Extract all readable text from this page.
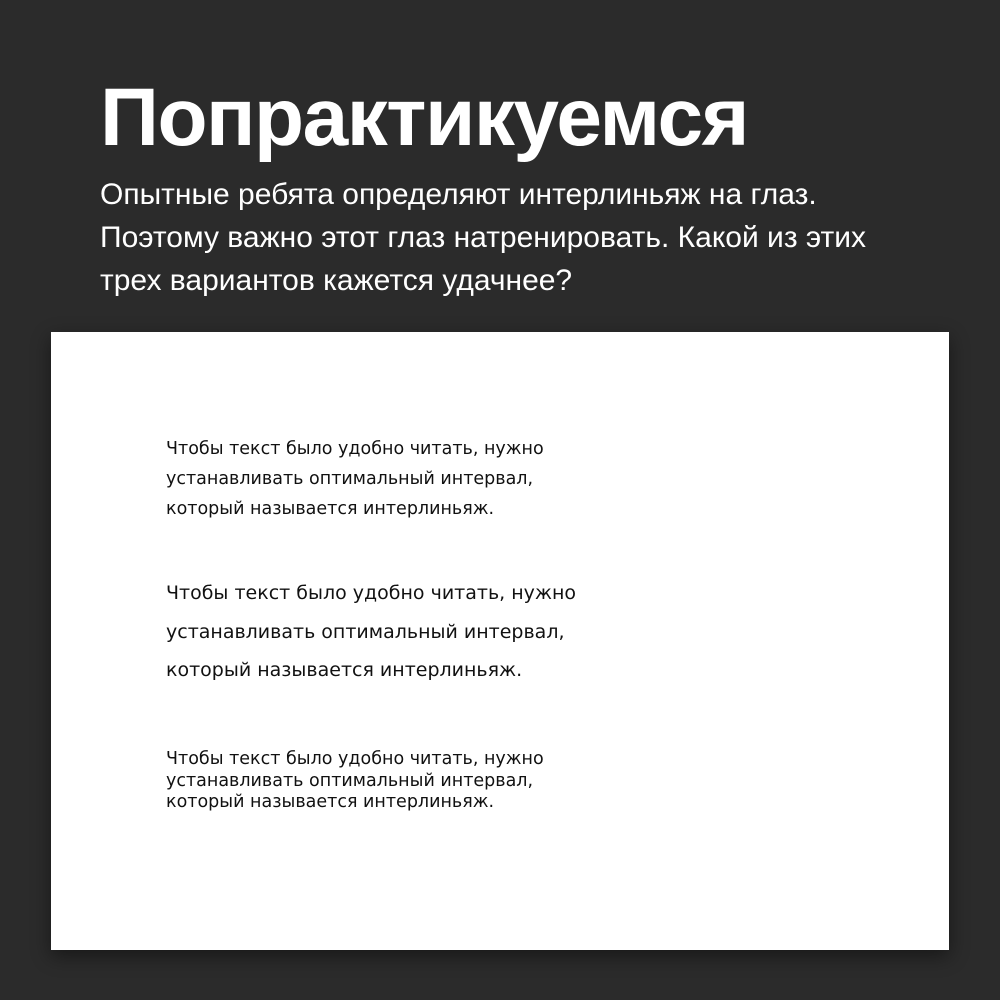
Попрактикуемся
Опытные ребята определяют интерлиньяж на глаз.
Поэтому важно этот глаз натренировать. Какой из этих
трех вариантов кажется удачнее?
Чтобы текст было удобно читать, нужно
устанавливать оптимальный интервал,
который называется интерлиньяж.
Чтобы текст было удобно читать, нужно
устанавливать оптимальный интервал,
который называется интерлиньяж.
Чтобы текст было удобно читать, нужно
устанавливать оптимальный интервал,
который называется интерлиньяж.
